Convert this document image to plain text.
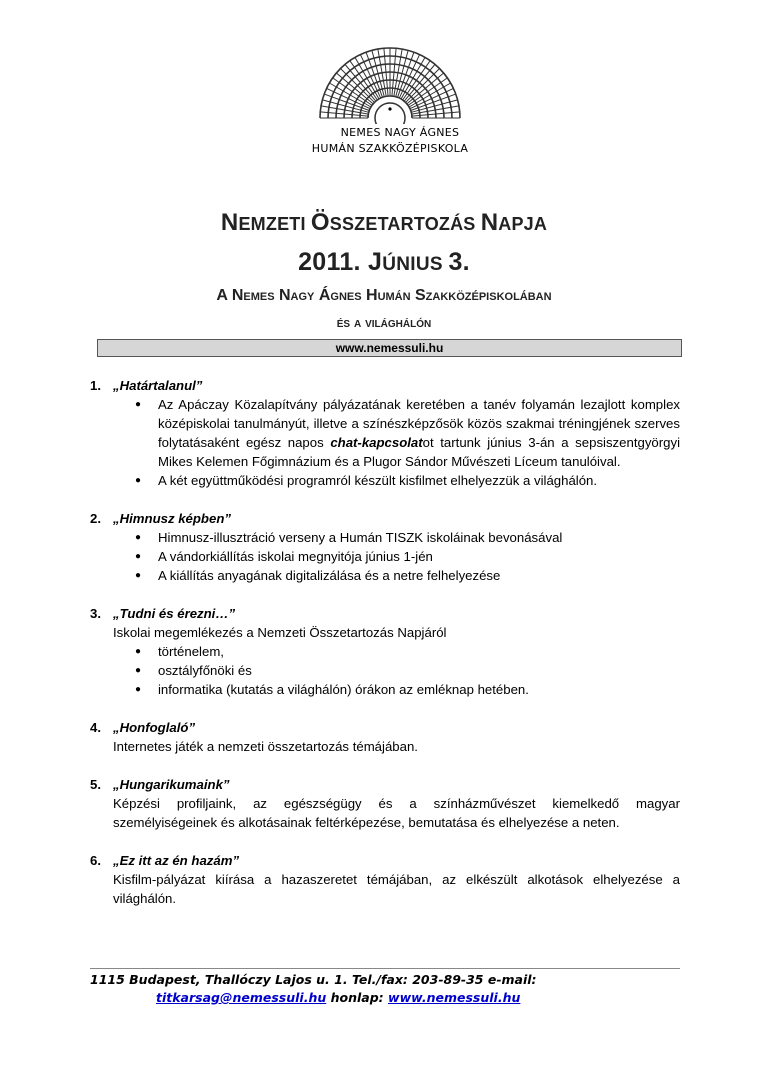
NEMES NAGY ÁGNES
HUMÁN SZAKKÖZÉPISKOLA
NEMZETI ÖSSZETARTOZÁS NAPJA
2011. JÚNIUS 3.
A Nemes Nagy Ágnes Humán Szakközépiskolában
és a világhálón
www.nemessuli.hu
1. „Határtalanul”
● Az Apáczay Közalapítvány pályázatának keretében a tanév folyamán lezajlott komplex középiskolai tanulmányút, illetve a színészképzősök közös szakmai tréningjének szerves folytatásaként egész napos chat-kapcsolatot tartunk június 3-án a sepsiszentgyörgyi Mikes Kelemen Főgimnázium és a Plugor Sándor Művészeti Líceum tanulóival.
● A két együttműködési programról készült kisfilmet elhelyezzük a világhálón.
2. „Himnusz képben”
● Himnusz-illusztráció verseny a Humán TISZK iskoláinak bevonásával
● A vándorkiállítás iskolai megnyitója június 1-jén
● A kiállítás anyagának digitalizálása és a netre felhelyezése
3. „Tudni és érezni…”
Iskolai megemlékezés a Nemzeti Összetartozás Napjáról
● történelem,
● osztályfőnöki és
● informatika (kutatás a világhálón) órákon az emléknap hetében.
4. „Honfoglaló”
Internetes játék a nemzeti összetartozás témájában.
5. „Hungarikumaink”
Képzési profiljaink, az egészségügy és a színházművészet kiemelkedő magyar személyiségeinek és alkotásainak feltérképezése, bemutatása és elhelyezése a neten.
6. „Ez itt az én hazám”
Kisfilm-pályázat kiírása a hazaszeretet témájában, az elkészült alkotások elhelyezése a világhálón.
1115 Budapest, Thallóczy Lajos u. 1. Tel./fax: 203-89-35 e-mail:
titkarsag@nemessuli.hu honlap: www.nemessuli.hu
